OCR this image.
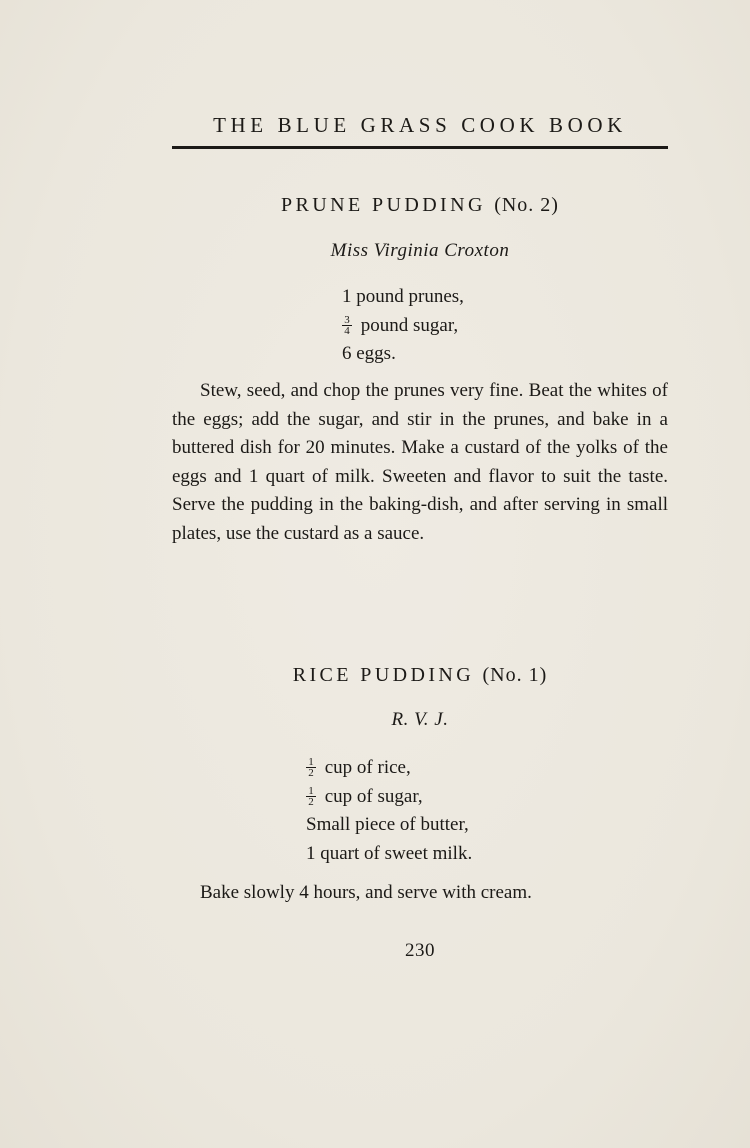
THE BLUE GRASS COOK BOOK
PRUNE PUDDING (No. 2)
Miss Virginia Croxton
1 pound prunes,
$\frac{3}{4}$ pound sugar,
6 eggs.

Stew, seed, and chop the prunes very fine. Beat the whites of the eggs; add the sugar, and stir in the prunes, and bake in a buttered dish for 20 minutes. Make a custard of the yolks of the eggs and 1 quart of milk. Sweeten and flavor to suit the taste. Serve the pudding in the baking-dish, and after serving in small plates, use the custard as a sauce.

RICE PUDDING (No. 1)
R. V. J.
$\frac{1}{2}$ cup of rice,
$\frac{1}{2}$ cup of sugar,
Small piece of butter,
1 quart of sweet milk.

Bake slowly 4 hours, and serve with cream.

230
